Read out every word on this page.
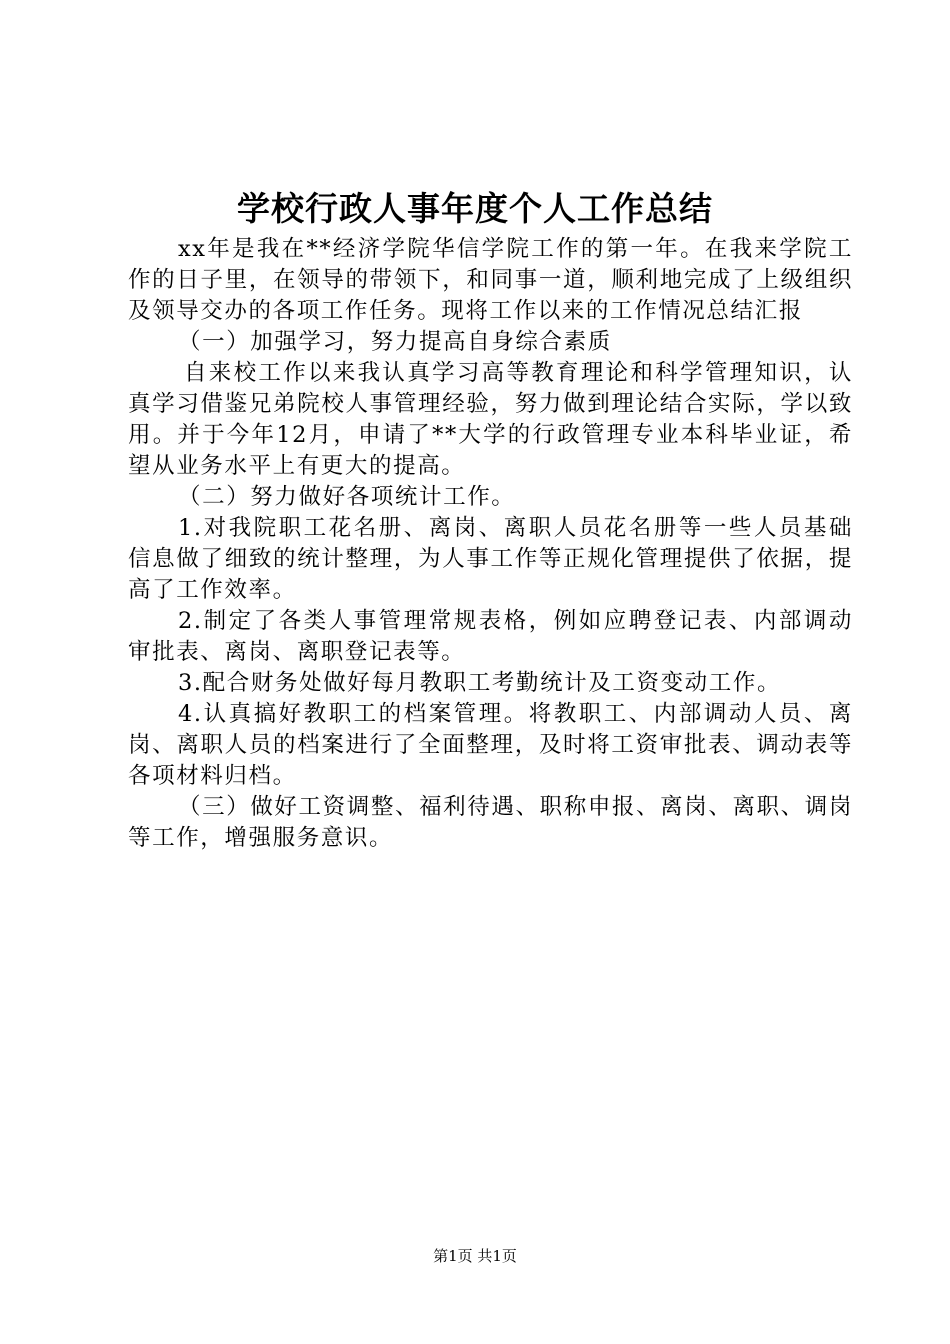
学校行政人事年度个人工作总结

xx年是我在**经济学院华信学院工作的第一年。在我来学院工作的日子里，在领导的带领下，和同事一道，顺利地完成了上级组织及领导交办的各项工作任务。现将工作以来的工作情况总结汇报

（一）加强学习，努力提高自身综合素质

自来校工作以来我认真学习高等教育理论和科学管理知识，认真学习借鉴兄弟院校人事管理经验，努力做到理论结合实际，学以致用。并于今年12月，申请了**大学的行政管理专业本科毕业证，希望从业务水平上有更大的提高。

（二）努力做好各项统计工作。

1.对我院职工花名册、离岗、离职人员花名册等一些人员基础信息做了细致的统计整理，为人事工作等正规化管理提供了依据，提高了工作效率。

2.制定了各类人事管理常规表格，例如应聘登记表、内部调动审批表、离岗、离职登记表等。

3.配合财务处做好每月教职工考勤统计及工资变动工作。

4.认真搞好教职工的档案管理。将教职工、内部调动人员、离岗、离职人员的档案进行了全面整理，及时将工资审批表、调动表等各项材料归档。

（三）做好工资调整、福利待遇、职称申报、离岗、离职、调岗等工作，增强服务意识。

第1页 共1页
